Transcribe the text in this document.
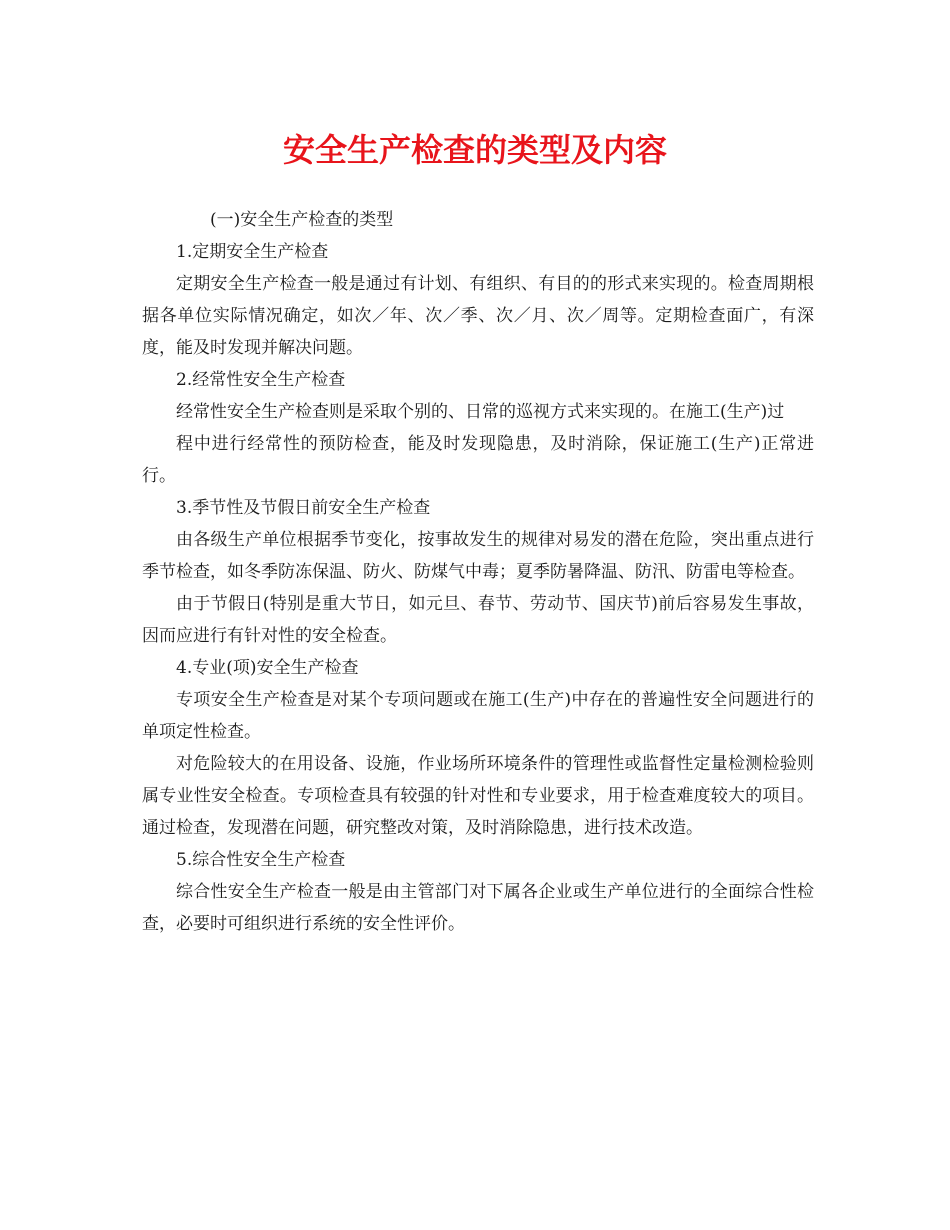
安全生产检查的类型及内容

(一)安全生产检查的类型

1.定期安全生产检查

定期安全生产检查一般是通过有计划、有组织、有目的的形式来实现的。检查周期根据各单位实际情况确定，如次／年、次／季、次／月、次／周等。定期检查面广，有深度，能及时发现并解决问题。

2.经常性安全生产检查

经常性安全生产检查则是采取个别的、日常的巡视方式来实现的。在施工(生产)过

程中进行经常性的预防检查，能及时发现隐患，及时消除，保证施工(生产)正常进行。

3.季节性及节假日前安全生产检查

由各级生产单位根据季节变化，按事故发生的规律对易发的潜在危险，突出重点进行季节检查，如冬季防冻保温、防火、防煤气中毒；夏季防暑降温、防汛、防雷电等检查。

由于节假日(特别是重大节日，如元旦、春节、劳动节、国庆节)前后容易发生事故，因而应进行有针对性的安全检查。

4.专业(项)安全生产检查

专项安全生产检查是对某个专项问题或在施工(生产)中存在的普遍性安全问题进行的单项定性检查。

对危险较大的在用设备、设施，作业场所环境条件的管理性或监督性定量检测检验则属专业性安全检查。专项检查具有较强的针对性和专业要求，用于检查难度较大的项目。通过检查，发现潜在问题，研究整改对策，及时消除隐患，进行技术改造。

5.综合性安全生产检查

综合性安全生产检查一般是由主管部门对下属各企业或生产单位进行的全面综合性检查，必要时可组织进行系统的安全性评价。
